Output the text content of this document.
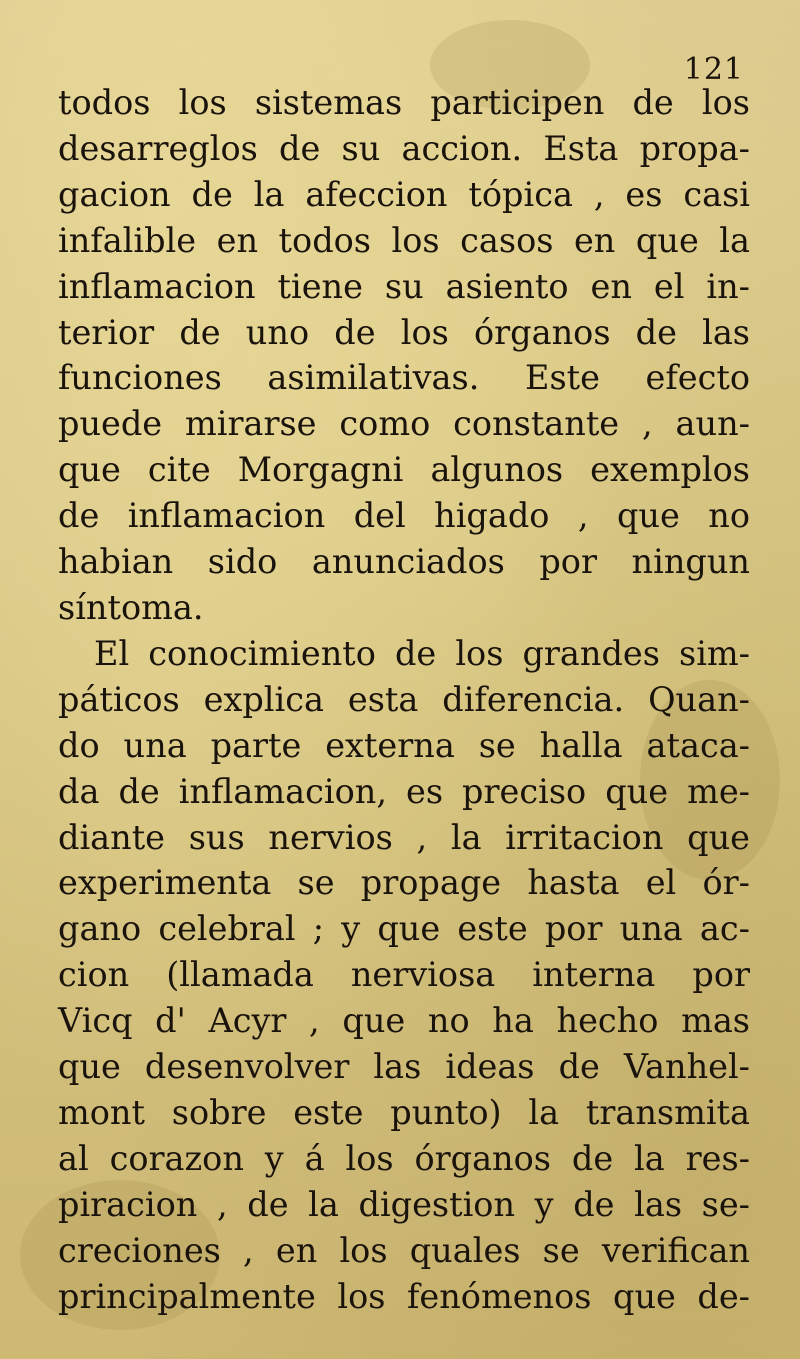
121
todos los sistemas participen de los
desarreglos de su accion. Esta propa-
gacion de la afeccion tópica , es casi
infalible en todos los casos en que la
inflamacion tiene su asiento en el in-
terior de uno de los órganos de las
funciones asimilativas. Este efecto
puede mirarse como constante , aun-
que cite Morgagni algunos exemplos
de inflamacion del higado , que no
habian sido anunciados por ningun
síntoma.
El conocimiento de los grandes sim-
páticos explica esta diferencia. Quan-
do una parte externa se halla ataca-
da de inflamacion, es preciso que me-
diante sus nervios , la irritacion que
experimenta se propage hasta el ór-
gano celebral ; y que este por una ac-
cion (llamada nerviosa interna por
Vicq d' Acyr , que no ha hecho mas
que desenvolver las ideas de Vanhel-
mont sobre este punto) la transmita
al corazon y á los órganos de la res-
piracion , de la digestion y de las se-
creciones , en los quales se verifican
principalmente los fenómenos que de-
